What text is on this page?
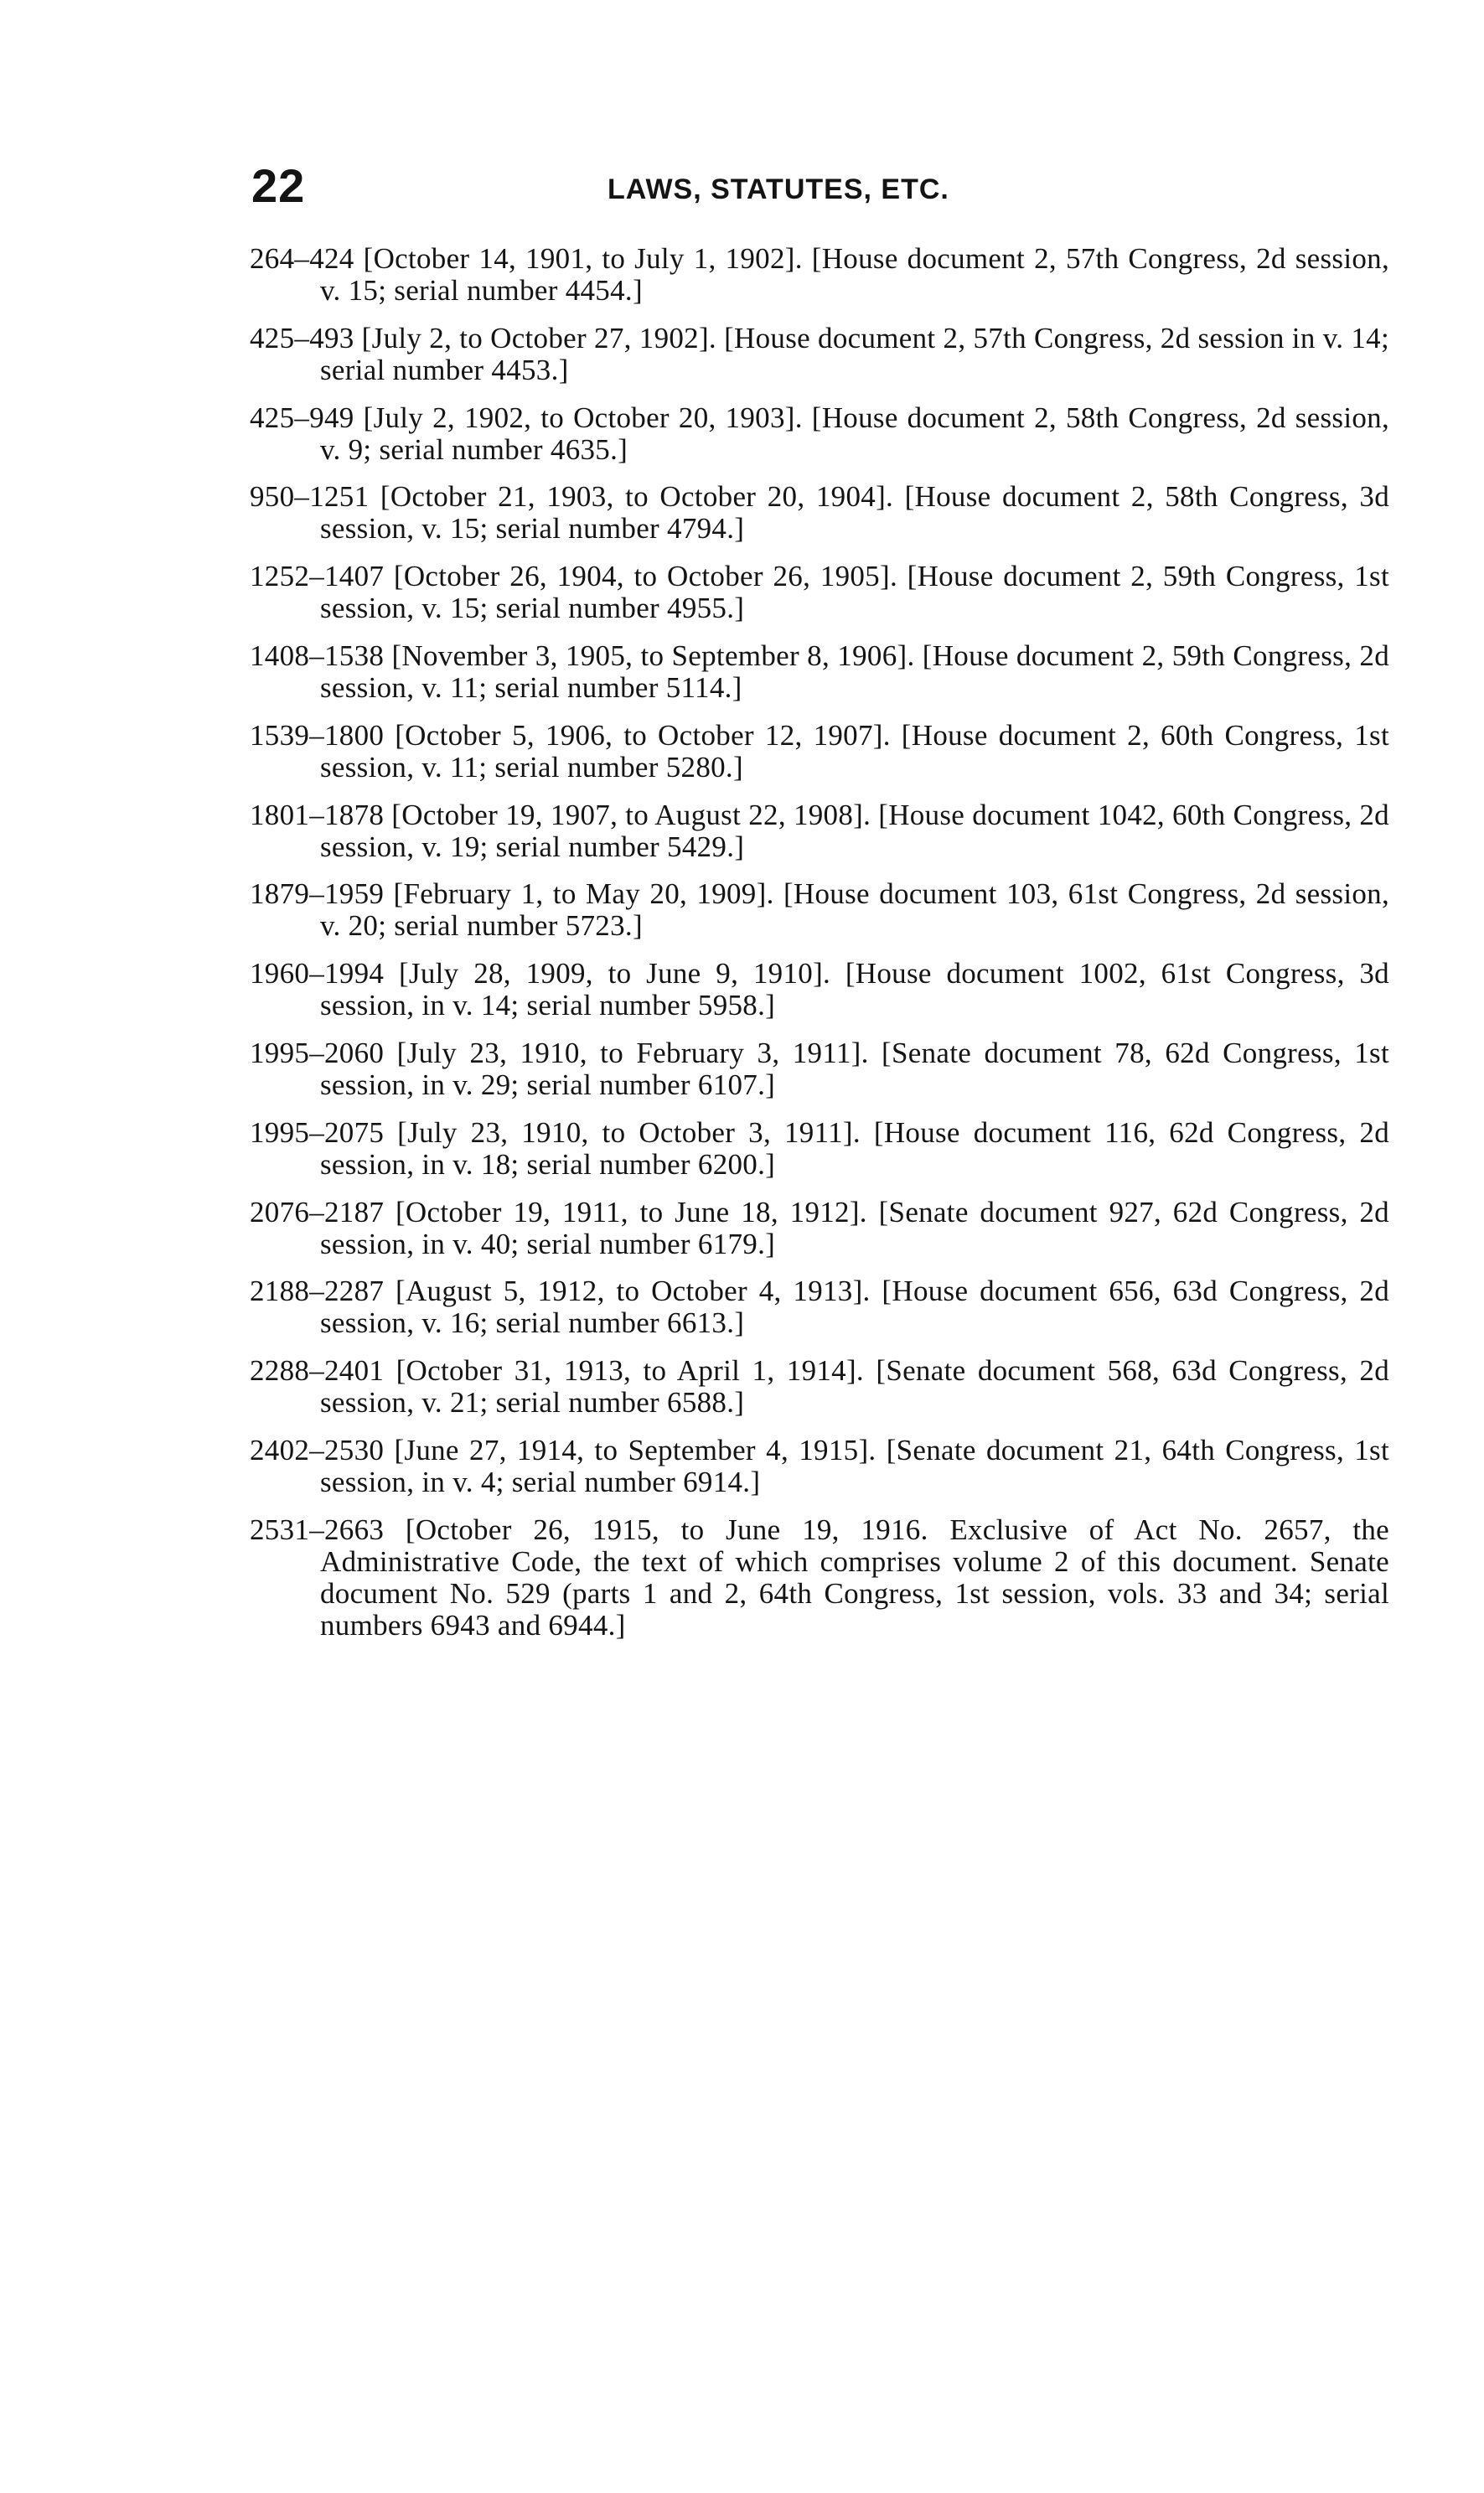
22	LAWS, STATUTES, ETC.

264–424 [October 14, 1901, to July 1, 1902]. [House document 2, 57th Congress, 2d session, v. 15; serial number 4454.]

425–493 [July 2, to October 27, 1902]. [House document 2, 57th Congress, 2d session in v. 14; serial number 4453.]

425–949 [July 2, 1902, to October 20, 1903]. [House document 2, 58th Congress, 2d session, v. 9; serial number 4635.]

950–1251 [October 21, 1903, to October 20, 1904]. [House document 2, 58th Congress, 3d session, v. 15; serial number 4794.]

1252–1407 [October 26, 1904, to October 26, 1905]. [House document 2, 59th Congress, 1st session, v. 15; serial number 4955.]

1408–1538 [November 3, 1905, to September 8, 1906]. [House document 2, 59th Congress, 2d session, v. 11; serial number 5114.]

1539–1800 [October 5, 1906, to October 12, 1907]. [House document 2, 60th Congress, 1st session, v. 11; serial number 5280.]

1801–1878 [October 19, 1907, to August 22, 1908]. [House document 1042, 60th Congress, 2d session, v. 19; serial number 5429.]

1879–1959 [February 1, to May 20, 1909]. [House document 103, 61st Congress, 2d session, v. 20; serial number 5723.]

1960–1994 [July 28, 1909, to June 9, 1910]. [House document 1002, 61st Congress, 3d session, in v. 14; serial number 5958.]

1995–2060 [July 23, 1910, to February 3, 1911]. [Senate document 78, 62d Congress, 1st session, in v. 29; serial number 6107.]

1995–2075 [July 23, 1910, to October 3, 1911]. [House document 116, 62d Congress, 2d session, in v. 18; serial number 6200.]

2076–2187 [October 19, 1911, to June 18, 1912]. [Senate document 927, 62d Congress, 2d session, in v. 40; serial number 6179.]

2188–2287 [August 5, 1912, to October 4, 1913]. [House document 656, 63d Congress, 2d session, v. 16; serial number 6613.]

2288–2401 [October 31, 1913, to April 1, 1914]. [Senate document 568, 63d Congress, 2d session, v. 21; serial number 6588.]

2402–2530 [June 27, 1914, to September 4, 1915]. [Senate document 21, 64th Congress, 1st session, in v. 4; serial number 6914.]

2531–2663 [October 26, 1915, to June 19, 1916. Exclusive of Act No. 2657, the Administrative Code, the text of which comprises volume 2 of this document. Senate document No. 529 (parts 1 and 2, 64th Congress, 1st session, vols. 33 and 34; serial numbers 6943 and 6944.]
